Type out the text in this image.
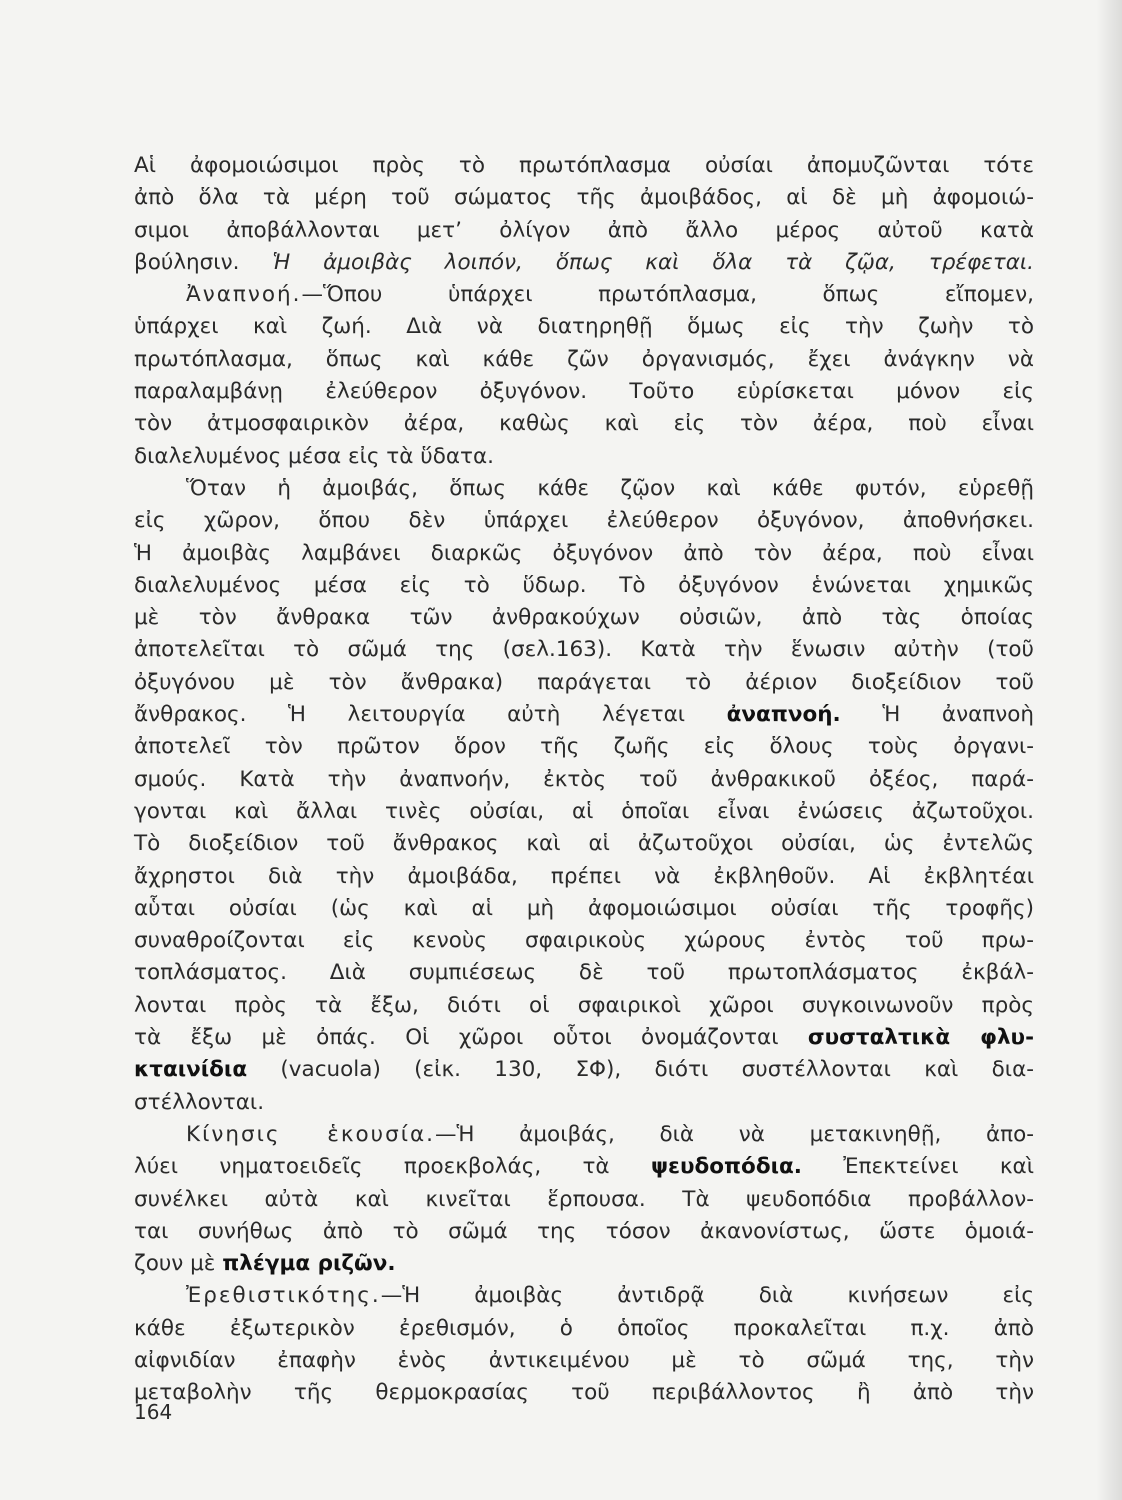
Αἱ ἀφομοιώσιμοι πρὸς τὸ πρωτόπλασμα οὐσίαι ἀπομυζῶνται τότε
ἀπὸ ὅλα τὰ μέρη τοῦ σώματος τῆς ἀμοιβάδος, αἱ δὲ μὴ ἀφομοιώ-
σιμοι ἀποβάλλονται μετ’ ὀλίγον ἀπὸ ἄλλο μέρος αὐτοῦ κατὰ
βούλησιν. Ἡ ἀμοιβὰς λοιπόν, ὅπως καὶ ὅλα τὰ ζῷα, τρέφεται.
Ἀναπνοή.—Ὅπου ὑπάρχει πρωτόπλασμα, ὅπως εἴπομεν,
ὑπάρχει καὶ ζωή. Διὰ νὰ διατηρηθῇ ὅμως εἰς τὴν ζωὴν τὸ
πρωτόπλασμα, ὅπως καὶ κάθε ζῶν ὀργανισμός, ἔχει ἀνάγκην νὰ
παραλαμβάνῃ ἐλεύθερον ὀξυγόνον. Τοῦτο εὑρίσκεται μόνον εἰς
τὸν ἀτμοσφαιρικὸν ἀέρα, καθὼς καὶ εἰς τὸν ἀέρα, ποὺ εἶναι
διαλελυμένος μέσα εἰς τὰ ὕδατα.
Ὅταν ἡ ἀμοιβάς, ὅπως κάθε ζῷον καὶ κάθε φυτόν, εὑρεθῇ
εἰς χῶρον, ὅπου δὲν ὑπάρχει ἐλεύθερον ὀξυγόνον, ἀποθνήσκει.
Ἡ ἀμοιβὰς λαμβάνει διαρκῶς ὀξυγόνον ἀπὸ τὸν ἀέρα, ποὺ εἶναι
διαλελυμένος μέσα εἰς τὸ ὕδωρ. Τὸ ὀξυγόνον ἑνώνεται χημικῶς
μὲ τὸν ἄνθρακα τῶν ἀνθρακούχων οὐσιῶν, ἀπὸ τὰς ὁποίας
ἀποτελεῖται τὸ σῶμά της (σελ.163). Κατὰ τὴν ἕνωσιν αὐτὴν (τοῦ
ὀξυγόνου μὲ τὸν ἄνθρακα) παράγεται τὸ ἀέριον διοξείδιον τοῦ
ἄνθρακος. Ἡ λειτουργία αὐτὴ λέγεται ἀναπνοή. Ἡ ἀναπνοὴ
ἀποτελεῖ τὸν πρῶτον ὅρον τῆς ζωῆς εἰς ὅλους τοὺς ὀργανι-
σμούς. Κατὰ τὴν ἀναπνοήν, ἐκτὸς τοῦ ἀνθρακικοῦ ὀξέος, παρά-
γονται καὶ ἄλλαι τινὲς οὐσίαι, αἱ ὁποῖαι εἶναι ἐνώσεις ἀζωτοῦχοι.
Τὸ διοξείδιον τοῦ ἄνθρακος καὶ αἱ ἀζωτοῦχοι οὐσίαι, ὡς ἐντελῶς
ἄχρηστοι διὰ τὴν ἀμοιβάδα, πρέπει νὰ ἐκβληθοῦν. Αἱ ἐκβλητέαι
αὗται οὐσίαι (ὡς καὶ αἱ μὴ ἀφομοιώσιμοι οὐσίαι τῆς τροφῆς)
συναθροίζονται εἰς κενοὺς σφαιρικοὺς χώρους ἐντὸς τοῦ πρω-
τοπλάσματος. Διὰ συμπιέσεως δὲ τοῦ πρωτοπλάσματος ἐκβάλ-
λονται πρὸς τὰ ἔξω, διότι οἱ σφαιρικοὶ χῶροι συγκοινωνοῦν πρὸς
τὰ ἔξω μὲ ὀπάς. Οἱ χῶροι οὗτοι ὀνομάζονται συσταλτικὰ φλυ-
κταινίδια (vacuola) (εἰκ. 130, ΣΦ), διότι συστέλλονται καὶ δια-
στέλλονται.
Κίνησις ἑκουσία.—Ἡ ἀμοιβάς, διὰ νὰ μετακινηθῇ, ἀπο-
λύει νηματοειδεῖς προεκβολάς, τὰ ψευδοπόδια. Ἐπεκτείνει καὶ
συνέλκει αὐτὰ καὶ κινεῖται ἕρπουσα. Τὰ ψευδοπόδια προβάλλον-
ται συνήθως ἀπὸ τὸ σῶμά της τόσον ἀκανονίστως, ὥστε ὁμοιά-
ζουν μὲ πλέγμα ριζῶν.
Ἐρεθιστικότης.—Ἡ ἀμοιβὰς ἀντιδρᾷ διὰ κινήσεων εἰς
κάθε ἐξωτερικὸν ἐρεθισμόν, ὁ ὁποῖος προκαλεῖται π.χ. ἀπὸ
αἰφνιδίαν ἐπαφὴν ἑνὸς ἀντικειμένου μὲ τὸ σῶμά της, τὴν
μεταβολὴν τῆς θερμοκρασίας τοῦ περιβάλλοντος ἢ ἀπὸ τὴν
164
